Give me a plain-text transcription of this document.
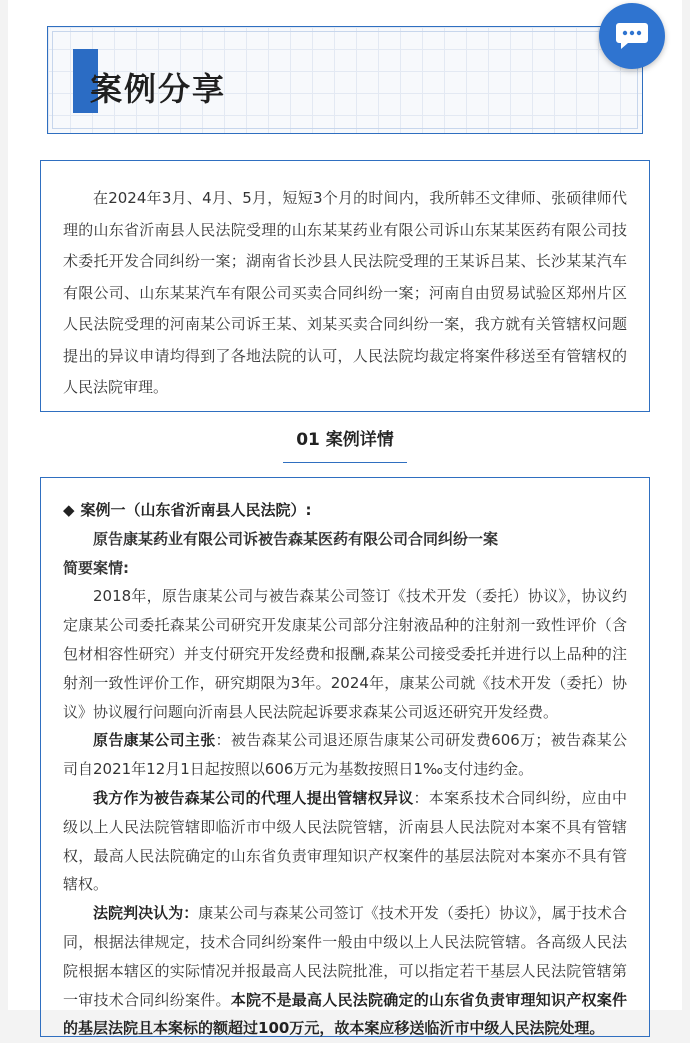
案例分享

在2024年3月、4月、5月，短短3个月的时间内，我所韩丕文律师、张硕律师代理的山东省沂南县人民法院受理的山东某某药业有限公司诉山东某某医药有限公司技术委托开发合同纠纷一案；湖南省长沙县人民法院受理的王某诉吕某、长沙某某汽车有限公司、山东某某汽车有限公司买卖合同纠纷一案；河南自由贸易试验区郑州片区人民法院受理的河南某公司诉王某、刘某买卖合同纠纷一案，我方就有关管辖权问题提出的异议申请均得到了各地法院的认可，人民法院均裁定将案件移送至有管辖权的人民法院审理。

01 案例详情

◆ 案例一（山东省沂南县人民法院）:

原告康某药业有限公司诉被告森某医药有限公司合同纠纷一案

简要案情:

2018年，原告康某公司与被告森某公司签订《技术开发（委托）协议》，协议约定康某公司委托森某公司研究开发康某公司部分注射液品种的注射剂一致性评价（含包材相容性研究）并支付研究开发经费和报酬,森某公司接受委托并进行以上品种的注射剂一致性评价工作，研究期限为3年。2024年，康某公司就《技术开发（委托）协议》协议履行问题向沂南县人民法院起诉要求森某公司返还研究开发经费。

原告康某公司主张：被告森某公司退还原告康某公司研发费606万；被告森某公司自2021年12月1日起按照以606万元为基数按照日1‰支付违约金。

我方作为被告森某公司的代理人提出管辖权异议：本案系技术合同纠纷，应由中级以上人民法院管辖即临沂市中级人民法院管辖，沂南县人民法院对本案不具有管辖权，最高人民法院确定的山东省负责审理知识产权案件的基层法院对本案亦不具有管辖权。

法院判决认为：康某公司与森某公司签订《技术开发（委托）协议》，属于技术合同，根据法律规定，技术合同纠纷案件一般由中级以上人民法院管辖。各高级人民法院根据本辖区的实际情况并报最高人民法院批准，可以指定若干基层人民法院管辖第一审技术合同纠纷案件。本院不是最高人民法院确定的山东省负责审理知识产权案件的基层法院且本案标的额超过100万元，故本案应移送临沂市中级人民法院处理。
